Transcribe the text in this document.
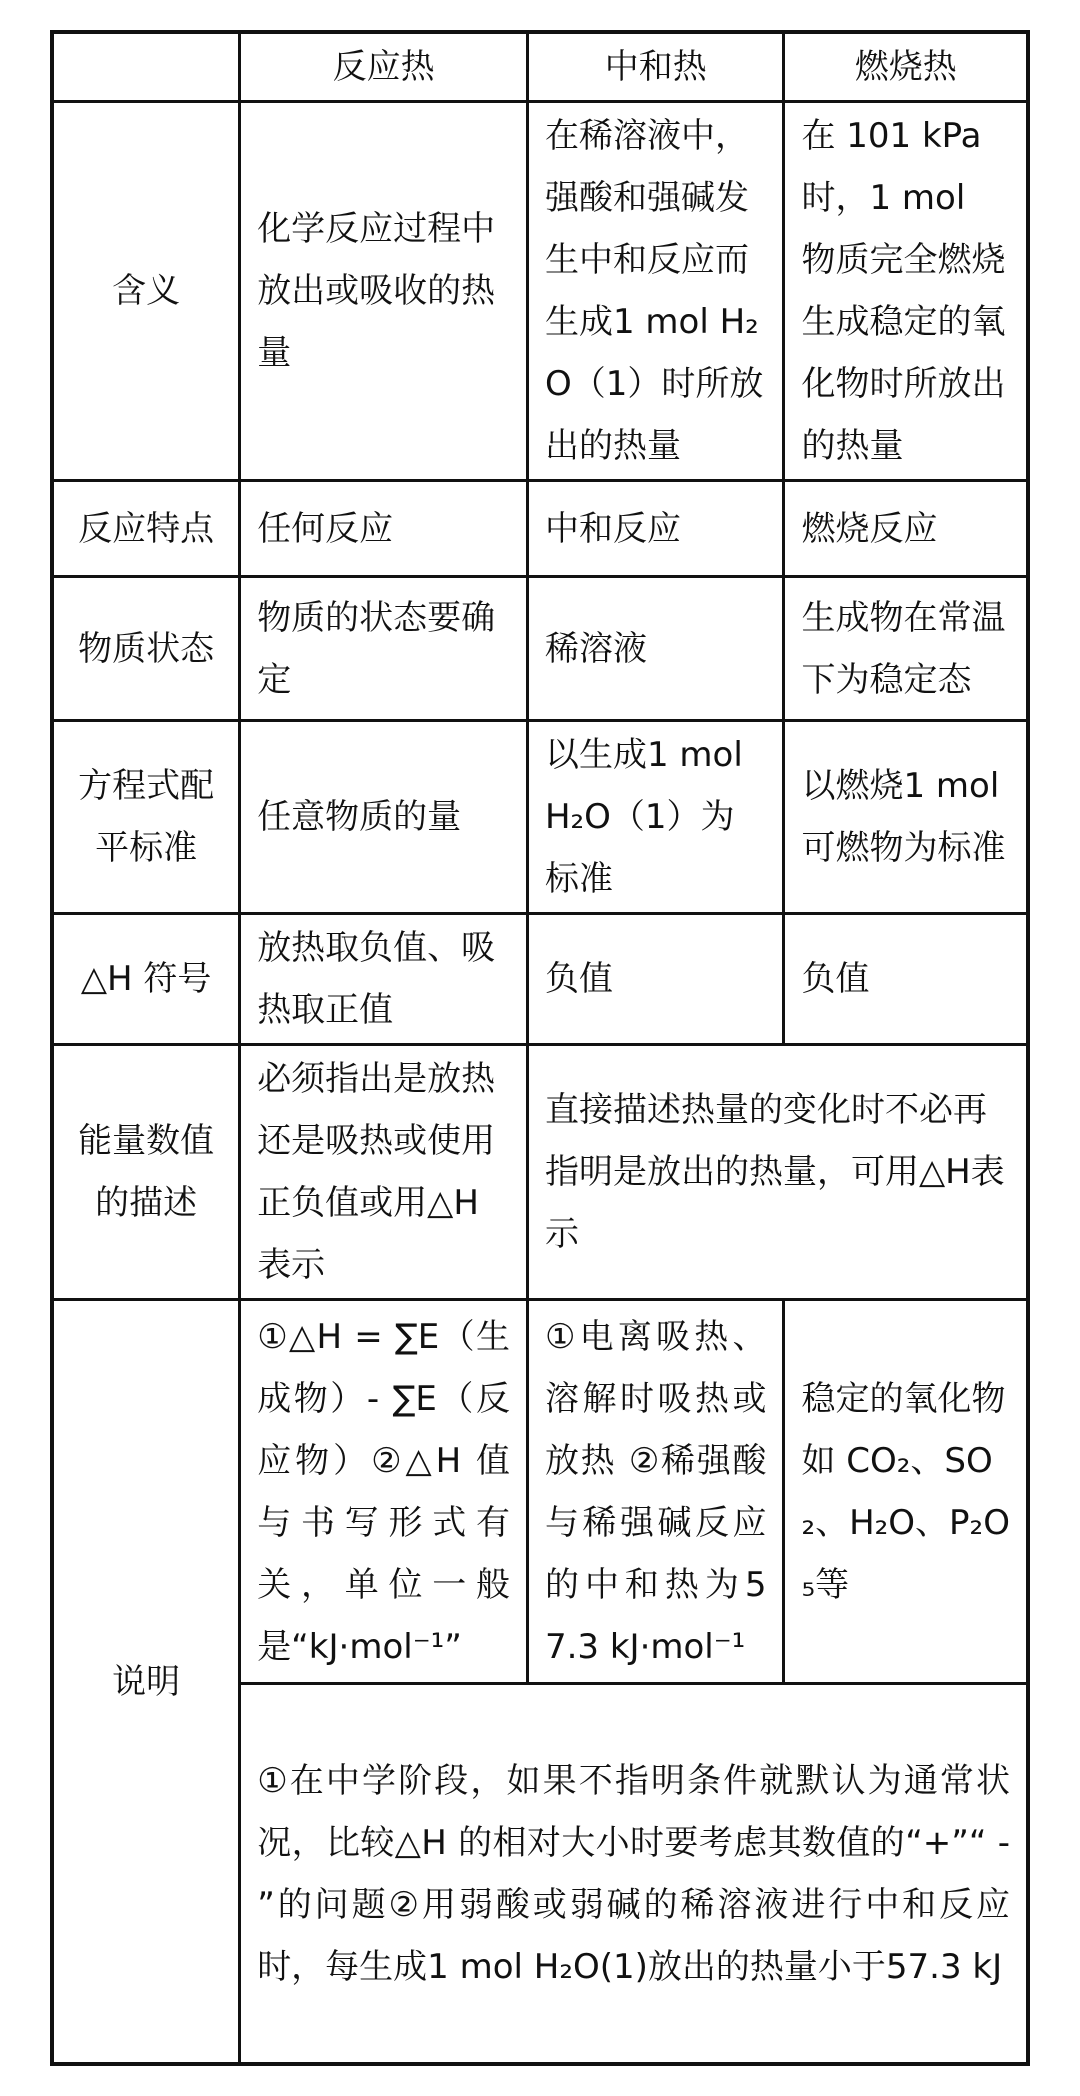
	反应热	中和热	燃烧热
含义	化学反应过程中放出或吸收的热量	在稀溶液中，强酸和强碱发生中和反应而生成1 mol H₂O（1）时所放出的热量	在 101 kPa时，1 mol 物质完全燃烧生成稳定的氧化物时所放出的热量
反应特点	任何反应	中和反应	燃烧反应
物质状态	物质的状态要确定	稀溶液	生成物在常温下为稳定态
方程式配平标准	任意物质的量	以生成1 mol H₂O（1）为标准	以燃烧1 mol 可燃物为标准
△H 符号	放热取负值、吸热取正值	负值	负值
能量数值的描述	必须指出是放热还是吸热或使用正负值或用△H表示	直接描述热量的变化时不必再指明是放出的热量，可用△H表示	
说明	①△H = ∑E（生成物）- ∑E（反应物）②△H 值与书写形式有关，单位一般是“kJ·mol⁻¹”	①电离吸热、溶解时吸热或放热 ②稀强酸与稀强碱反应的中和热为57.3 kJ·mol⁻¹	稳定的氧化物如 CO₂、SO₂、H₂O、P₂O₅等
	①在中学阶段，如果不指明条件就默认为通常状况，比较△H 的相对大小时要考虑其数值的“+”“ - ”的问题②用弱酸或弱碱的稀溶液进行中和反应时，每生成1 mol H₂O(1)放出的热量小于57.3 kJ		
